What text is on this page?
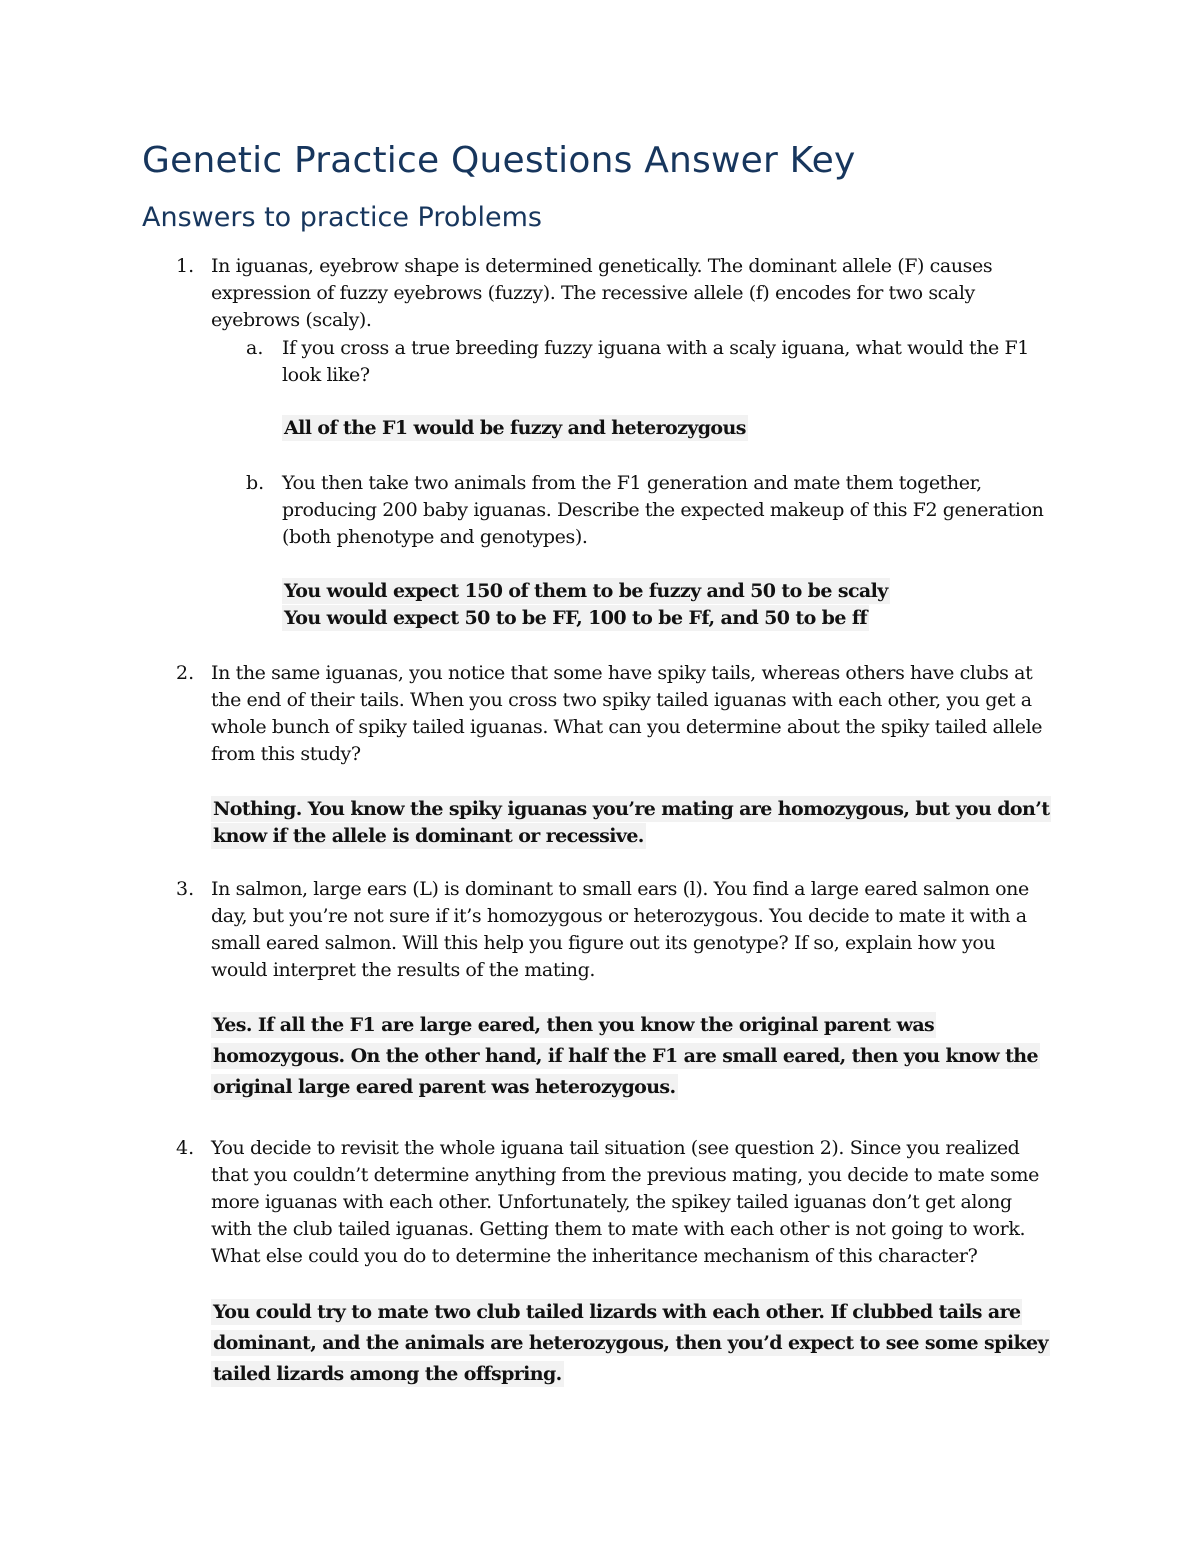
Genetic Practice Questions Answer Key
Answers to practice Problems
1. In iguanas, eyebrow shape is determined genetically. The dominant allele (F) causes
expression of fuzzy eyebrows (fuzzy). The recessive allele (f) encodes for two scaly
eyebrows (scaly).
a. If you cross a true breeding fuzzy iguana with a scaly iguana, what would the F1
look like?
All of the F1 would be fuzzy and heterozygous
b. You then take two animals from the F1 generation and mate them together,
producing 200 baby iguanas. Describe the expected makeup of this F2 generation
(both phenotype and genotypes).
You would expect 150 of them to be fuzzy and 50 to be scaly
You would expect 50 to be FF, 100 to be Ff, and 50 to be ff
2. In the same iguanas, you notice that some have spiky tails, whereas others have clubs at
the end of their tails. When you cross two spiky tailed iguanas with each other, you get a
whole bunch of spiky tailed iguanas. What can you determine about the spiky tailed allele
from this study?
Nothing. You know the spiky iguanas you’re mating are homozygous, but you don’t
know if the allele is dominant or recessive.
3. In salmon, large ears (L) is dominant to small ears (l). You find a large eared salmon one
day, but you’re not sure if it’s homozygous or heterozygous. You decide to mate it with a
small eared salmon. Will this help you figure out its genotype? If so, explain how you
would interpret the results of the mating.
Yes. If all the F1 are large eared, then you know the original parent was
homozygous. On the other hand, if half the F1 are small eared, then you know the
original large eared parent was heterozygous.
4. You decide to revisit the whole iguana tail situation (see question 2). Since you realized
that you couldn’t determine anything from the previous mating, you decide to mate some
more iguanas with each other. Unfortunately, the spikey tailed iguanas don’t get along
with the club tailed iguanas. Getting them to mate with each other is not going to work.
What else could you do to determine the inheritance mechanism of this character?
You could try to mate two club tailed lizards with each other. If clubbed tails are
dominant, and the animals are heterozygous, then you’d expect to see some spikey
tailed lizards among the offspring.
